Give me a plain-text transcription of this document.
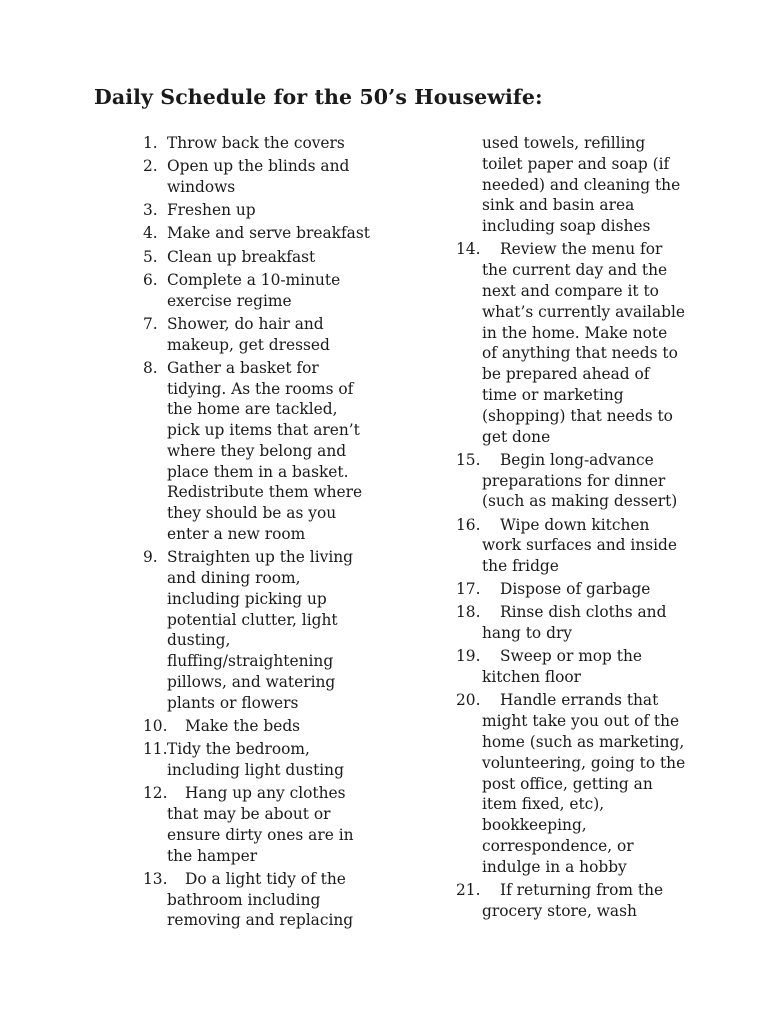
Daily Schedule for the 50’s Housewife:
1. Throw back the covers
2. Open up the blinds and
windows
3. Freshen up
4. Make and serve breakfast
5. Clean up breakfast
6. Complete a 10-minute
exercise regime
7. Shower, do hair and
makeup, get dressed
8. Gather a basket for
tidying. As the rooms of
the home are tackled,
pick up items that aren’t
where they belong and
place them in a basket.
Redistribute them where
they should be as you
enter a new room
9. Straighten up the living
and dining room,
including picking up
potential clutter, light
dusting,
fluffing/straightening
pillows, and watering
plants or flowers
10.	Make the beds
11. Tidy the bedroom,
including light dusting
12.	Hang up any clothes
that may be about or
ensure dirty ones are in
the hamper
13.	Do a light tidy of the
bathroom including
removing and replacing
used towels, refilling
toilet paper and soap (if
needed) and cleaning the
sink and basin area
including soap dishes
14.	Review the menu for
the current day and the
next and compare it to
what’s currently available
in the home. Make note
of anything that needs to
be prepared ahead of
time or marketing
(shopping) that needs to
get done
15.	Begin long-advance
preparations for dinner
(such as making dessert)
16.	Wipe down kitchen
work surfaces and inside
the fridge
17.	Dispose of garbage
18.	Rinse dish cloths and
hang to dry
19.	Sweep or mop the
kitchen floor
20.	Handle errands that
might take you out of the
home (such as marketing,
volunteering, going to the
post office, getting an
item fixed, etc),
bookkeeping,
correspondence, or
indulge in a hobby
21.	If returning from the
grocery store, wash
